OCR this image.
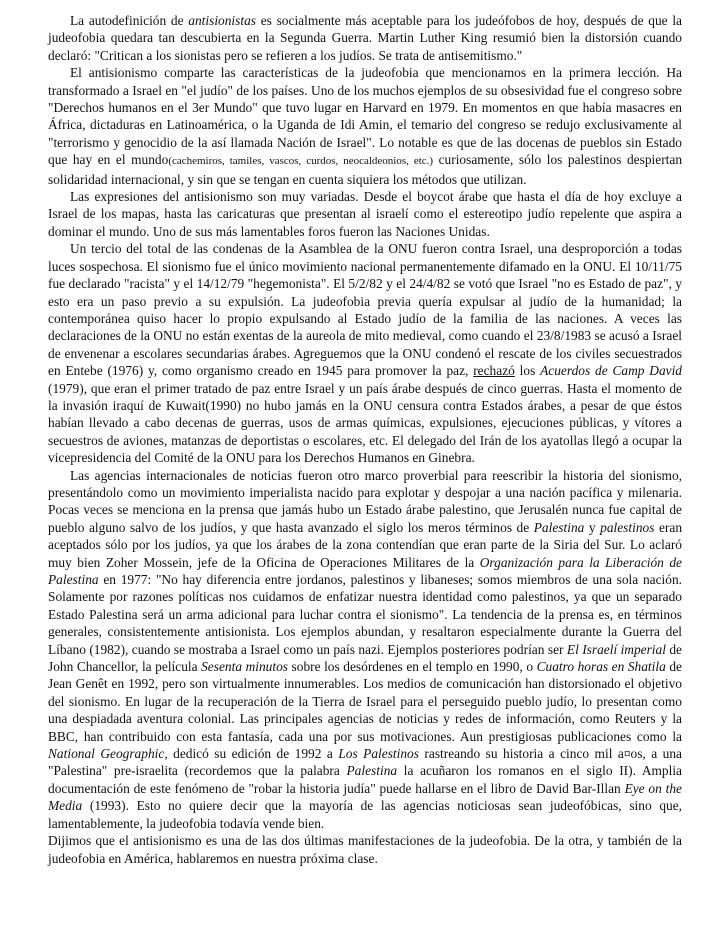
La autodefinición de antisionistas es socialmente más aceptable para los judeófobos de hoy, después de que la judeofobia quedara tan descubierta en la Segunda Guerra. Martin Luther King resumió bien la distorsión cuando declaró: "Critican a los sionistas pero se refieren a los judíos. Se trata de antisemitismo."

El antisionismo comparte las características de la judeofobia que mencionamos en la primera lección. Ha transformado a Israel en "el judío" de los países. Uno de los muchos ejemplos de su obsesividad fue el congreso sobre "Derechos humanos en el 3er Mundo" que tuvo lugar en Harvard en 1979. En momentos en que había masacres en África, dictaduras en Latinoamérica, o la Uganda de Idi Amin, el temario del congreso se redujo exclusivamente al "terrorismo y genocidio de la así llamada Nación de Israel". Lo notable es que de las docenas de pueblos sin Estado que hay en el mundo(cachemiros, tamiles, vascos, curdos, neocaldeonios, etc.) curiosamente, sólo los palestinos despiertan solidaridad internacional, y sin que se tengan en cuenta siquiera los métodos que utilizan.

Las expresiones del antisionismo son muy variadas. Desde el boycot árabe que hasta el día de hoy excluye a Israel de los mapas, hasta las caricaturas que presentan al israelí como el estereotipo judío repelente que aspira a dominar el mundo. Uno de sus más lamentables foros fueron las Naciones Unidas.

Un tercio del total de las condenas de la Asamblea de la ONU fueron contra Israel, una desproporción a todas luces sospechosa. El sionismo fue el único movimiento nacional permanentemente difamado en la ONU. El 10/11/75 fue declarado "racista" y el 14/12/79 "hegemonista". El 5/2/82 y el 24/4/82 se votó que Israel "no es Estado de paz", y esto era un paso previo a su expulsión. La judeofobia previa quería expulsar al judío de la humanidad; la contemporánea quiso hacer lo propio expulsando al Estado judío de la familia de las naciones. A veces las declaraciones de la ONU no están exentas de la aureola de mito medieval, como cuando el 23/8/1983 se acusó a Israel de envenenar a escolares secundarias árabes. Agreguemos que la ONU condenó el rescate de los civiles secuestrados en Entebe (1976) y, como organismo creado en 1945 para promover la paz, rechazó los Acuerdos de Camp David (1979), que eran el primer tratado de paz entre Israel y un país árabe después de cinco guerras. Hasta el momento de la invasión iraquí de Kuwait(1990) no hubo jamás en la ONU censura contra Estados árabes, a pesar de que éstos habían llevado a cabo decenas de guerras, usos de armas químicas, expulsiones, ejecuciones públicas, y vítores a secuestros de aviones, matanzas de deportistas o escolares, etc. El delegado del Irán de los ayatollas llegó a ocupar la vicepresidencia del Comité de la ONU para los Derechos Humanos en Ginebra.

Las agencias internacionales de noticias fueron otro marco proverbial para reescribir la historia del sionismo, presentándolo como un movimiento imperialista nacido para explotar y despojar a una nación pacífica y milenaria. Pocas veces se menciona en la prensa que jamás hubo un Estado árabe palestino, que Jerusalén nunca fue capital de pueblo alguno salvo de los judíos, y que hasta avanzado el siglo los meros términos de Palestina y palestinos eran aceptados sólo por los judíos, ya que los árabes de la zona contendían que eran parte de la Siria del Sur. Lo aclaró muy bien Zoher Mossein, jefe de la Oficina de Operaciones Militares de la Organización para la Liberación de Palestina en 1977: "No hay diferencia entre jordanos, palestinos y libaneses; somos miembros de una sola nación. Solamente por razones políticas nos cuidamos de enfatizar nuestra identidad como palestinos, ya que un separado Estado Palestina será un arma adicional para luchar contra el sionismo". La tendencia de la prensa es, en términos generales, consistentemente antisionista. Los ejemplos abundan, y resaltaron especialmente durante la Guerra del Líbano (1982), cuando se mostraba a Israel como un país nazi. Ejemplos posteriores podrían ser El Israelí imperial de John Chancellor, la película Sesenta minutos sobre los desórdenes en el templo en 1990, o Cuatro horas en Shatila de Jean Genêt en 1992, pero son virtualmente innumerables. Los medios de comunicación han distorsionado el objetivo del sionismo. En lugar de la recuperación de la Tierra de Israel para el perseguido pueblo judío, lo presentan como una despiadada aventura colonial. Las principales agencias de noticias y redes de información, como Reuters y la BBC, han contribuido con esta fantasía, cada una por sus motivaciones. Aun prestigiosas publicaciones como la National Geographic, dedicó su edición de 1992 a Los Palestinos rastreando su historia a cinco mil a¤os, a una "Palestina" pre-israelita (recordemos que la palabra Palestina la acuñaron los romanos en el siglo II). Amplia documentación de este fenómeno de "robar la historia judía" puede hallarse en el libro de David Bar-Illan Eye on the Media (1993). Esto no quiere decir que la mayoría de las agencias noticiosas sean judeofóbicas, sino que, lamentablemente, la judeofobia todavía vende bien.

Dijimos que el antisionismo es una de las dos últimas manifestaciones de la judeofobia. De la otra, y también de la judeofobia en América, hablaremos en nuestra próxima clase.
